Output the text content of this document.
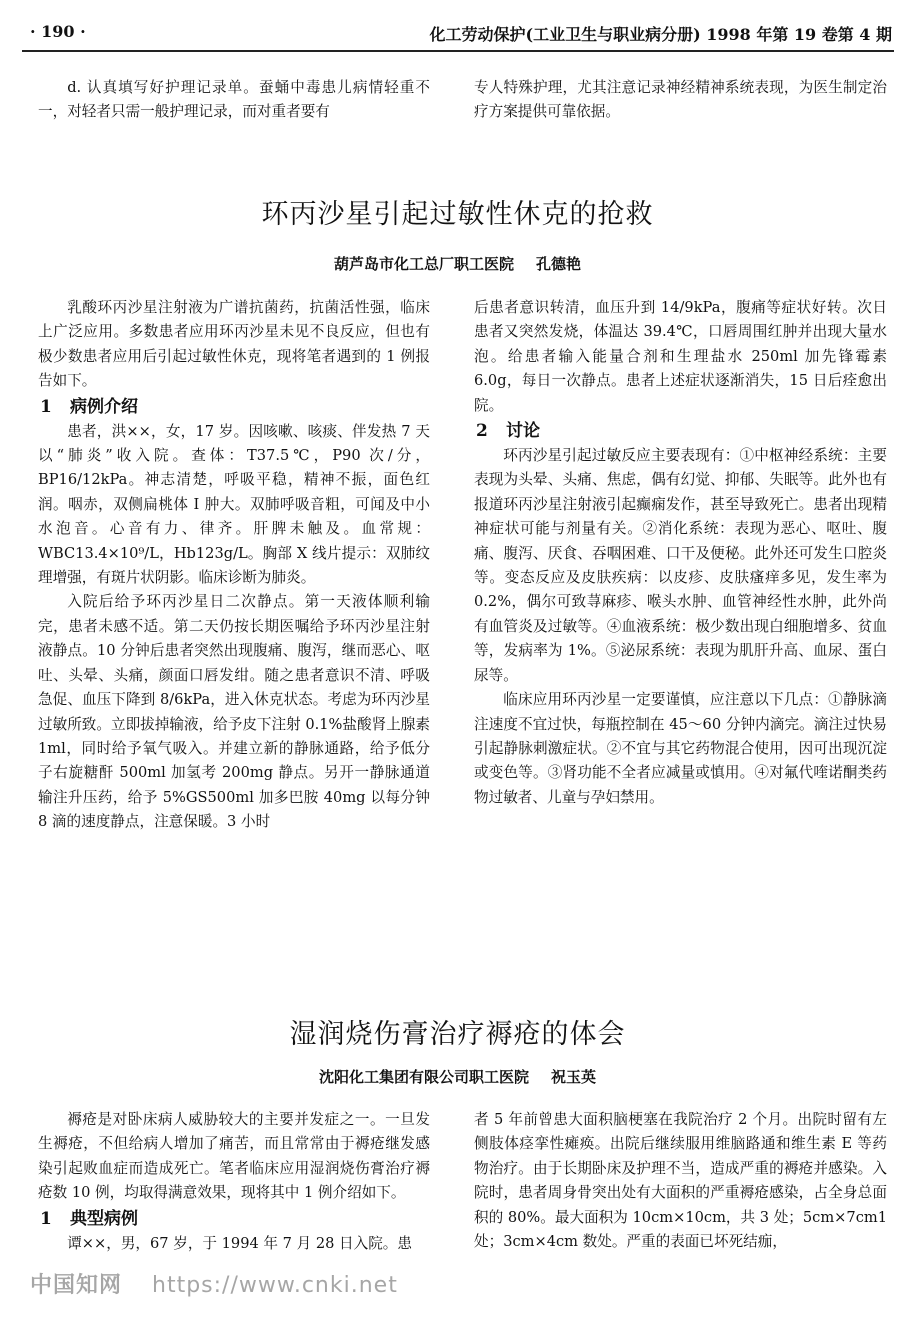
· 190 ·	化工劳动保护(工业卫生与职业病分册) 1998 年第 19 卷第 4 期

d. 认真填写好护理记录单。蚕蛹中毒患儿病情轻重不一，对轻者只需一般护理记录，而对重者要有

专人特殊护理，尤其注意记录神经精神系统表现，为医生制定治疗方案提供可靠依据。

环丙沙星引起过敏性休克的抢救
葫芦岛市化工总厂职工医院 孔德艳

乳酸环丙沙星注射液为广谱抗菌药，抗菌活性强，临床上广泛应用。多数患者应用环丙沙星未见不良反应，但也有极少数患者应用后引起过敏性休克，现将笔者遇到的 1 例报告如下。

1 病例介绍

患者，洪××，女，17 岁。因咳嗽、咳痰、伴发热 7 天以“肺炎”收入院。查体：T37.5℃，P90 次/分，BP16/12kPa。神志清楚，呼吸平稳，精神不振，面色红润。咽赤，双侧扁桃体 Ⅰ 肿大。双肺呼吸音粗，可闻及中小水泡音。心音有力、律齐。肝脾未触及。血常规：WBC13.4×10⁹/L，Hb123g/L。胸部 X 线片提示：双肺纹理增强，有斑片状阴影。临床诊断为肺炎。

入院后给予环丙沙星日二次静点。第一天液体顺利输完，患者未感不适。第二天仍按长期医嘱给予环丙沙星注射液静点。10 分钟后患者突然出现腹痛、腹泻，继而恶心、呕吐、头晕、头痛，颜面口唇发绀。随之患者意识不清、呼吸急促、血压下降到 8/6kPa，进入休克状态。考虑为环丙沙星过敏所致。立即拔掉输液，给予皮下注射 0.1%盐酸肾上腺素 1ml，同时给予氧气吸入。并建立新的静脉通路，给予低分子右旋糖酐 500ml 加氢考 200mg 静点。另开一静脉通道输注升压药，给予 5%GS500ml 加多巴胺 40mg 以每分钟 8 滴的速度静点，注意保暖。3 小时

后患者意识转清，血压升到 14/9kPa，腹痛等症状好转。次日患者又突然发烧，体温达 39.4℃，口唇周围红肿并出现大量水泡。给患者输入能量合剂和生理盐水 250ml 加先锋霉素 6.0g，每日一次静点。患者上述症状逐渐消失，15 日后痊愈出院。

2 讨论

环丙沙星引起过敏反应主要表现有：①中枢神经系统：主要表现为头晕、头痛、焦虑，偶有幻觉、抑郁、失眠等。此外也有报道环丙沙星注射液引起癫痫发作，甚至导致死亡。患者出现精神症状可能与剂量有关。②消化系统：表现为恶心、呕吐、腹痛、腹泻、厌食、吞咽困难、口干及便秘。此外还可发生口腔炎等。变态反应及皮肤疾病：以皮疹、皮肤瘙痒多见，发生率为 0.2%，偶尔可致荨麻疹、喉头水肿、血管神经性水肿，此外尚有血管炎及过敏等。④血液系统：极少数出现白细胞增多、贫血等，发病率为 1%。⑤泌尿系统：表现为肌肝升高、血尿、蛋白尿等。

临床应用环丙沙星一定要谨慎，应注意以下几点：①静脉滴注速度不宜过快，每瓶控制在 45～60 分钟内滴完。滴注过快易引起静脉刺激症状。②不宜与其它药物混合使用，因可出现沉淀或变色等。③肾功能不全者应减量或慎用。④对氟代喹诺酮类药物过敏者、儿童与孕妇禁用。

湿润烧伤膏治疗褥疮的体会
沈阳化工集团有限公司职工医院 祝玉英

褥疮是对卧床病人威胁较大的主要并发症之一。一旦发生褥疮，不但给病人增加了痛苦，而且常常由于褥疮继发感染引起败血症而造成死亡。笔者临床应用湿润烧伤膏治疗褥疮数 10 例，均取得满意效果，现将其中 1 例介绍如下。

1 典型病例

谭××，男，67 岁，于 1994 年 7 月 28 日入院。患

者 5 年前曾患大面积脑梗塞在我院治疗 2 个月。出院时留有左侧肢体痉挛性瘫痪。出院后继续服用维脑路通和维生素 E 等药物治疗。由于长期卧床及护理不当，造成严重的褥疮并感染。入院时，患者周身骨突出处有大面积的严重褥疮感染，占全身总面积的 80%。最大面积为 10cm×10cm，共 3 处；5cm×7cm1 处；3cm×4cm 数处。严重的表面已坏死结痂，

中国知网 https://www.cnki.net
